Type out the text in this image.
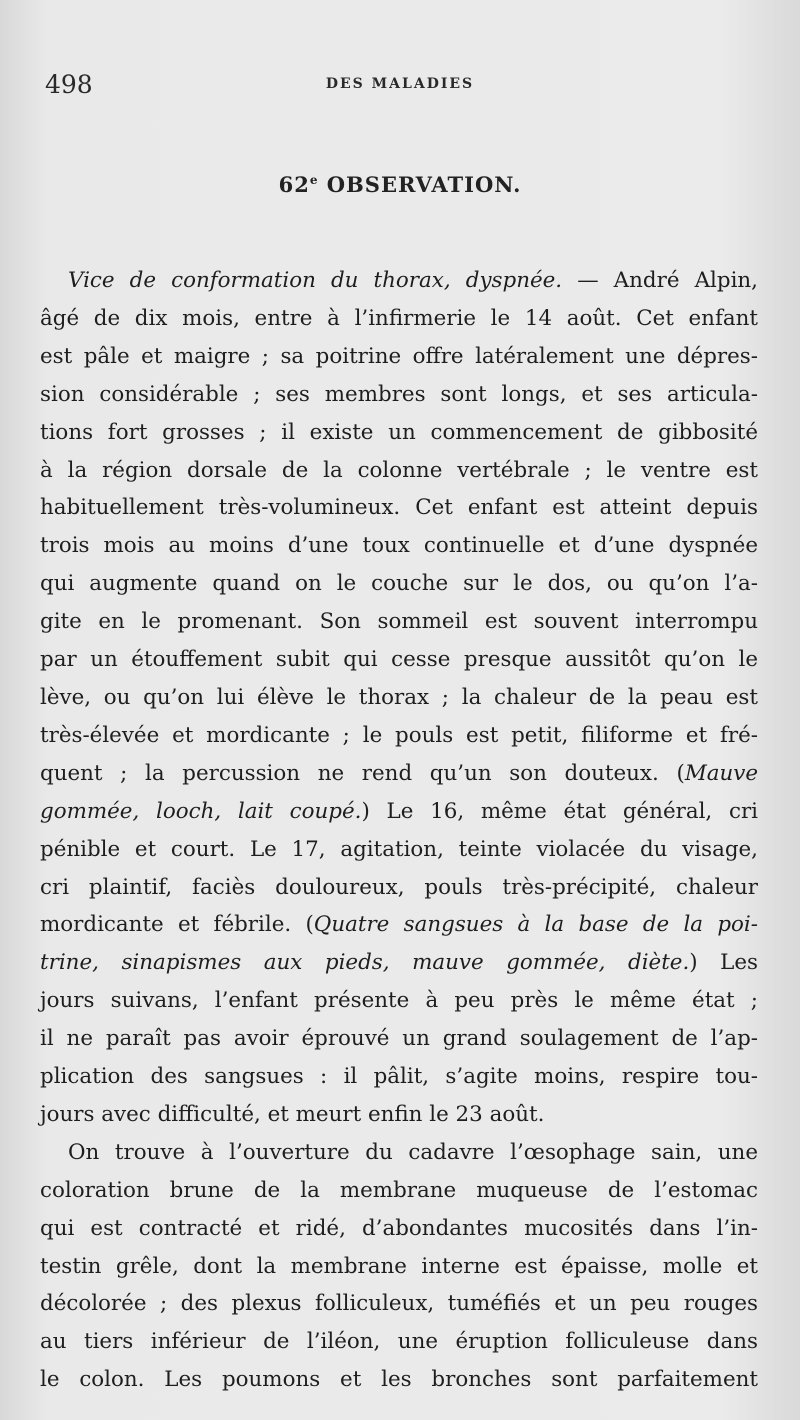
498	DES MALADIES
62e OBSERVATION.
Vice de conformation du thorax, dyspnée. — André Alpin,
âgé de dix mois, entre à l’infirmerie le 14 août. Cet enfant
est pâle et maigre ; sa poitrine offre latéralement une dépres-
sion considérable ; ses membres sont longs, et ses articula-
tions fort grosses ; il existe un commencement de gibbosité
à la région dorsale de la colonne vertébrale ; le ventre est
habituellement très-volumineux. Cet enfant est atteint depuis
trois mois au moins d’une toux continuelle et d’une dyspnée
qui augmente quand on le couche sur le dos, ou qu’on l’a-
gite en le promenant. Son sommeil est souvent interrompu
par un étouffement subit qui cesse presque aussitôt qu’on le
lève, ou qu’on lui élève le thorax ; la chaleur de la peau est
très-élevée et mordicante ; le pouls est petit, filiforme et fré-
quent ; la percussion ne rend qu’un son douteux. (Mauve
gommée, looch, lait coupé.) Le 16, même état général, cri
pénible et court. Le 17, agitation, teinte violacée du visage,
cri plaintif, faciès douloureux, pouls très-précipité, chaleur
mordicante et fébrile. (Quatre sangsues à la base de la poi-
trine, sinapismes aux pieds, mauve gommée, diète.) Les
jours suivans, l’enfant présente à peu près le même état ;
il ne paraît pas avoir éprouvé un grand soulagement de l’ap-
plication des sangsues : il pâlit, s’agite moins, respire tou-
jours avec difficulté, et meurt enfin le 23 août.
On trouve à l’ouverture du cadavre l’œsophage sain, une
coloration brune de la membrane muqueuse de l’estomac
qui est contracté et ridé, d’abondantes mucosités dans l’in-
testin grêle, dont la membrane interne est épaisse, molle et
décolorée ; des plexus folliculeux, tuméfiés et un peu rouges
au tiers inférieur de l’iléon, une éruption folliculeuse dans
le colon. Les poumons et les bronches sont parfaitement
